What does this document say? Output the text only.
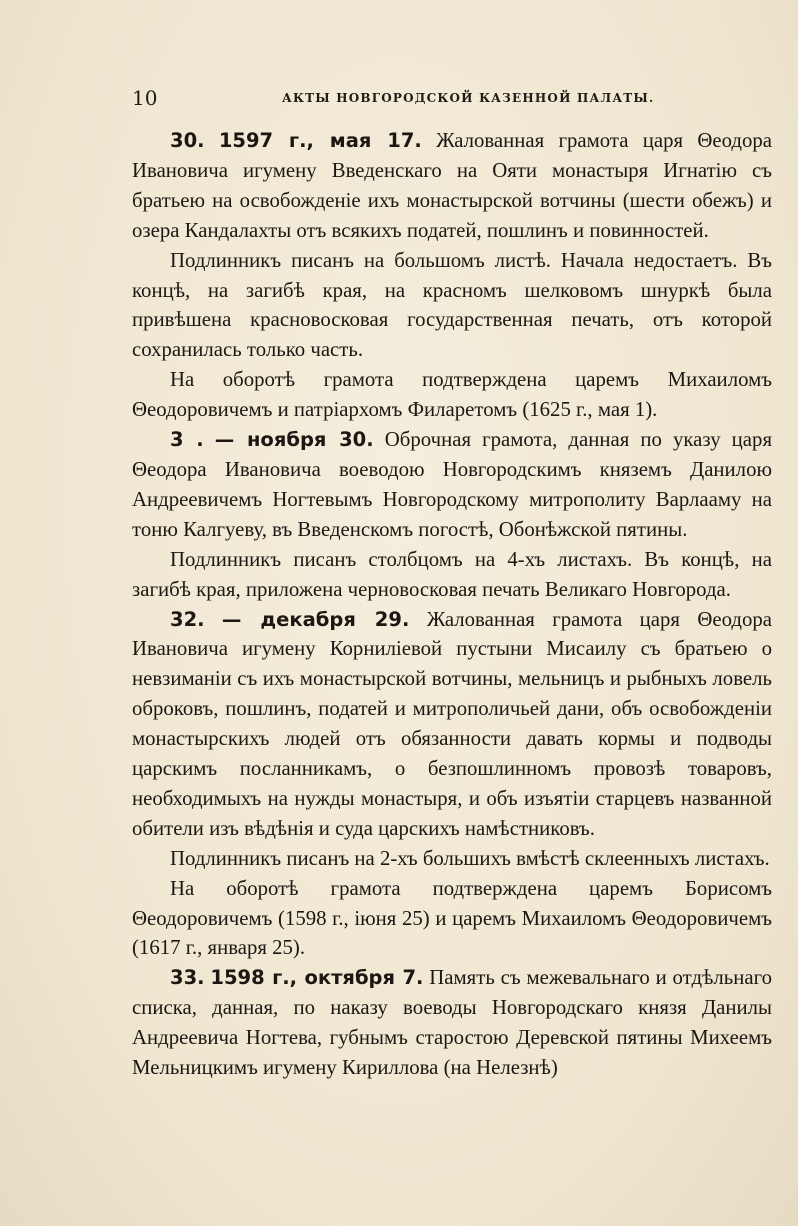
10	АКТЫ НОВГОРОДСКОЙ КАЗЕННОЙ ПАЛАТЫ.

30. 1597 г., мая 17. Жалованная грамота царя Θеодора Ивановича игумену Введенскаго на Ояти монастыря Игнатію съ братьею на освобожденіе ихъ монастырской вотчины (шести обежъ) и озера Кандалахты отъ всякихъ податей, пошлинъ и повинностей.

Подлинникъ писанъ на большомъ листѣ. Начала недостаетъ. Въ концѣ, на загибѣ края, на красномъ шелковомъ шнуркѣ была привѣшена красновосковая государственная печать, отъ которой сохранилась только часть.

На оборотѣ грамота подтверждена царемъ Михаиломъ Θеодоровичемъ и патріархомъ Филаретомъ (1625 г., мая 1).

3 . — ноября 30. Оброчная грамота, данная по указу царя Θеодора Ивановича воеводою Новгородскимъ княземъ Данилою Андреевичемъ Ногтевымъ Новгородскому митрополиту Варлааму на тоню Калгуеву, въ Введенскомъ погостѣ, Обонѣжской пятины.

Подлинникъ писанъ столбцомъ на 4-хъ листахъ. Въ концѣ, на загибѣ края, приложена черновосковая печать Великаго Новгорода.

32. — декабря 29. Жалованная грамота царя Θеодора Ивановича игумену Корниліевой пустыни Мисаилу съ братьею о невзиманіи съ ихъ монастырской вотчины, мельницъ и рыбныхъ ловель оброковъ, пошлинъ, податей и митрополичьей дани, объ освобожденіи монастырскихъ людей отъ обязанности давать кормы и подводы царскимъ посланникамъ, о безпошлинномъ провозѣ товаровъ, необходимыхъ на нужды монастыря, и объ изъятіи старцевъ названной обители изъ вѣдѣнія и суда царскихъ намѣстниковъ.

Подлинникъ писанъ на 2-хъ большихъ вмѣстѣ склеенныхъ листахъ.

На оборотѣ грамота подтверждена царемъ Борисомъ Θеодоровичемъ (1598 г., іюня 25) и царемъ Михаиломъ Θеодоровичемъ (1617 г., января 25).

33. 1598 г., октября 7. Память съ межевальнаго и отдѣльнаго списка, данная, по наказу воеводы Новгородскаго князя Данилы Андреевича Ногтева, губнымъ старостою Деревской пятины Михеемъ Мельницкимъ игумену Кириллова (на Нелезнѣ)
